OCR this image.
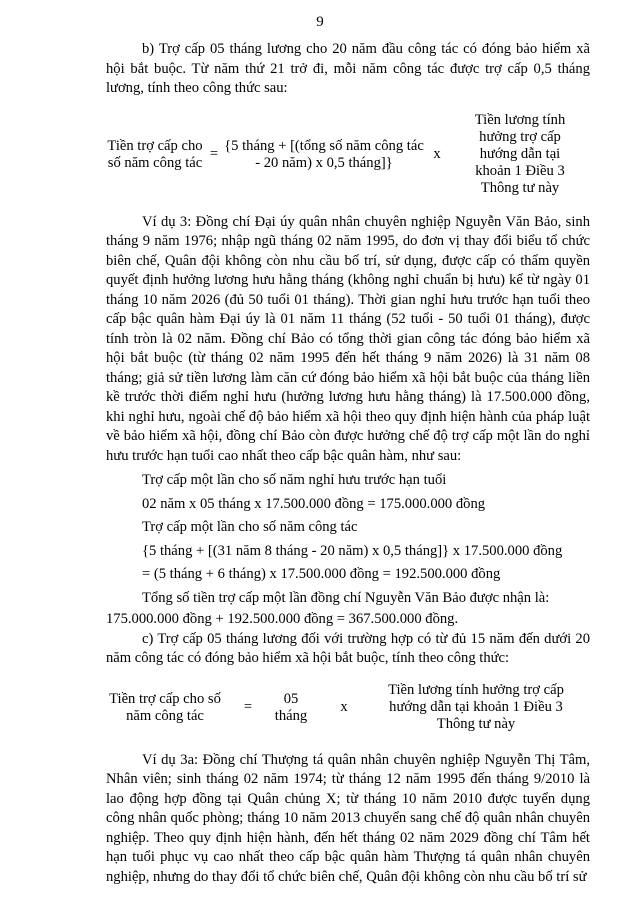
9

b) Trợ cấp 05 tháng lương cho 20 năm đầu công tác có đóng bảo hiểm xã hội bắt buộc. Từ năm thứ 21 trở đi, mỗi năm công tác được trợ cấp 0,5 tháng lương, tính theo công thức sau:

Tiền trợ cấp cho số năm công tác
=
{5 tháng + [(tổng số năm công tác - 20 năm) x 0,5 tháng]}
x
Tiền lương tính hưởng trợ cấp hướng dẫn tại khoản 1 Điều 3 Thông tư này

Ví dụ 3: Đồng chí Đại úy quân nhân chuyên nghiệp Nguyễn Văn Bảo, sinh tháng 9 năm 1976; nhập ngũ tháng 02 năm 1995, do đơn vị thay đổi biểu tổ chức biên chế, Quân đội không còn nhu cầu bố trí, sử dụng, được cấp có thẩm quyền quyết định hưởng lương hưu hằng tháng (không nghỉ chuẩn bị hưu) kể từ ngày 01 tháng 10 năm 2026 (đủ 50 tuổi 01 tháng). Thời gian nghỉ hưu trước hạn tuổi theo cấp bậc quân hàm Đại úy là 01 năm 11 tháng (52 tuổi - 50 tuổi 01 tháng), được tính tròn là 02 năm. Đồng chí Bảo có tổng thời gian công tác đóng bảo hiểm xã hội bắt buộc (từ tháng 02 năm 1995 đến hết tháng 9 năm 2026) là 31 năm 08 tháng; giả sử tiền lương làm căn cứ đóng bảo hiểm xã hội bắt buộc của tháng liền kề trước thời điểm nghỉ hưu (hưởng lương hưu hằng tháng) là 17.500.000 đồng, khi nghỉ hưu, ngoài chế độ bảo hiểm xã hội theo quy định hiện hành của pháp luật về bảo hiểm xã hội, đồng chí Bảo còn được hưởng chế độ trợ cấp một lần do nghỉ hưu trước hạn tuổi cao nhất theo cấp bậc quân hàm, như sau:

Trợ cấp một lần cho số năm nghỉ hưu trước hạn tuổi
02 năm x 05 tháng x 17.500.000 đồng = 175.000.000 đồng
Trợ cấp một lần cho số năm công tác
{5 tháng + [(31 năm 8 tháng - 20 năm) x 0,5 tháng]} x 17.500.000 đồng
= (5 tháng + 6 tháng) x 17.500.000 đồng = 192.500.000 đồng
Tổng số tiền trợ cấp một lần đồng chí Nguyễn Văn Bảo được nhận là:

175.000.000 đồng + 192.500.000 đồng = 367.500.000 đồng.

c) Trợ cấp 05 tháng lương đối với trường hợp có từ đủ 15 năm đến dưới 20 năm công tác có đóng bảo hiểm xã hội bắt buộc, tính theo công thức:

Tiền trợ cấp cho số năm công tác
=
05 tháng
x
Tiền lương tính hưởng trợ cấp hướng dẫn tại khoản 1 Điều 3 Thông tư này

Ví dụ 3a: Đồng chí Thượng tá quân nhân chuyên nghiệp Nguyễn Thị Tâm, Nhân viên; sinh tháng 02 năm 1974; từ tháng 12 năm 1995 đến tháng 9/2010 là lao động hợp đồng tại Quân chủng X; từ tháng 10 năm 2010 được tuyển dụng công nhân quốc phòng; tháng 10 năm 2013 chuyển sang chế độ quân nhân chuyên nghiệp. Theo quy định hiện hành, đến hết tháng 02 năm 2029 đồng chí Tâm hết hạn tuổi phục vụ cao nhất theo cấp bậc quân hàm Thượng tá quân nhân chuyên nghiệp, nhưng do thay đổi tổ chức biên chế, Quân đội không còn nhu cầu bố trí sử
